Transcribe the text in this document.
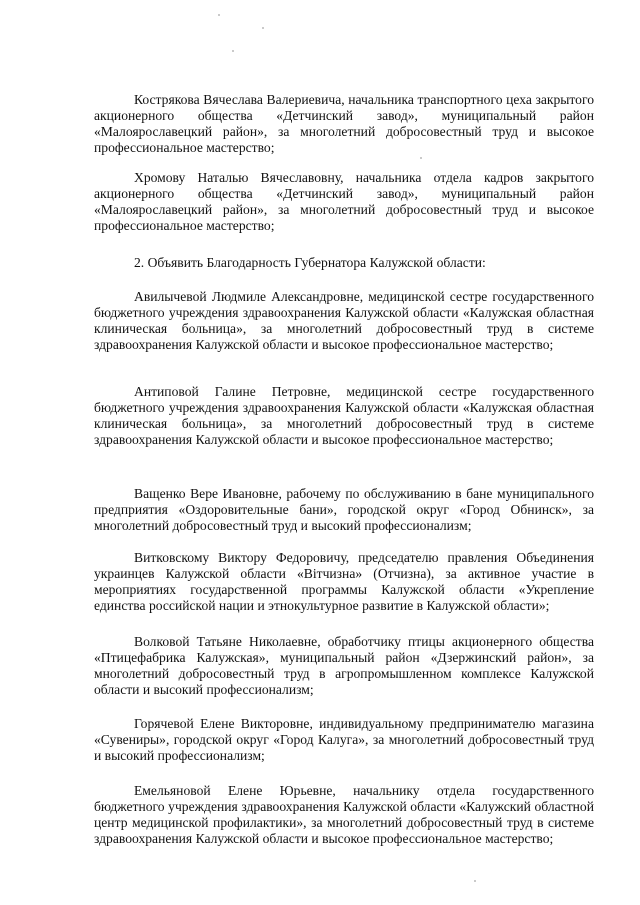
Кострякова Вячеслава Валериевича, начальника транспортного цеха закрытого акционерного общества «Детчинский завод», муниципальный район «Малоярославецкий район», за многолетний добросовестный труд и высокое профессиональное мастерство;

Хромову Наталью Вячеславовну, начальника отдела кадров закрытого акционерного общества «Детчинский завод», муниципальный район «Малоярославецкий район», за многолетний добросовестный труд и высокое профессиональное мастерство;

2. Объявить Благодарность Губернатора Калужской области:

Авилычевой Людмиле Александровне, медицинской сестре государственного бюджетного учреждения здравоохранения Калужской области «Калужская областная клиническая больница», за многолетний добросовестный труд в системе здравоохранения Калужской области и высокое профессиональное мастерство;

Антиповой Галине Петровне, медицинской сестре государственного бюджетного учреждения здравоохранения Калужской области «Калужская областная клиническая больница», за многолетний добросовестный труд в системе здравоохранения Калужской области и высокое профессиональное мастерство;

Ващенко Вере Ивановне, рабочему по обслуживанию в бане муниципального предприятия «Оздоровительные бани», городской округ «Город Обнинск», за многолетний добросовестный труд и высокий профессионализм;

Витковскому Виктору Федоровичу, председателю правления Объединения украинцев Калужской области «Вітчизна» (Отчизна), за активное участие в мероприятиях государственной программы Калужской области «Укрепление единства российской нации и этнокультурное развитие в Калужской области»;

Волковой Татьяне Николаевне, обработчику птицы акционерного общества «Птицефабрика Калужская», муниципальный район «Дзержинский район», за многолетний добросовестный труд в агропромышленном комплексе Калужской области и высокий профессионализм;

Горячевой Елене Викторовне, индивидуальному предпринимателю магазина «Сувениры», городской округ «Город Калуга», за многолетний добросовестный труд и высокий профессионализм;

Емельяновой Елене Юрьевне, начальнику отдела государственного бюджетного учреждения здравоохранения Калужской области «Калужский областной центр медицинской профилактики», за многолетний добросовестный труд в системе здравоохранения Калужской области и высокое профессиональное мастерство;
